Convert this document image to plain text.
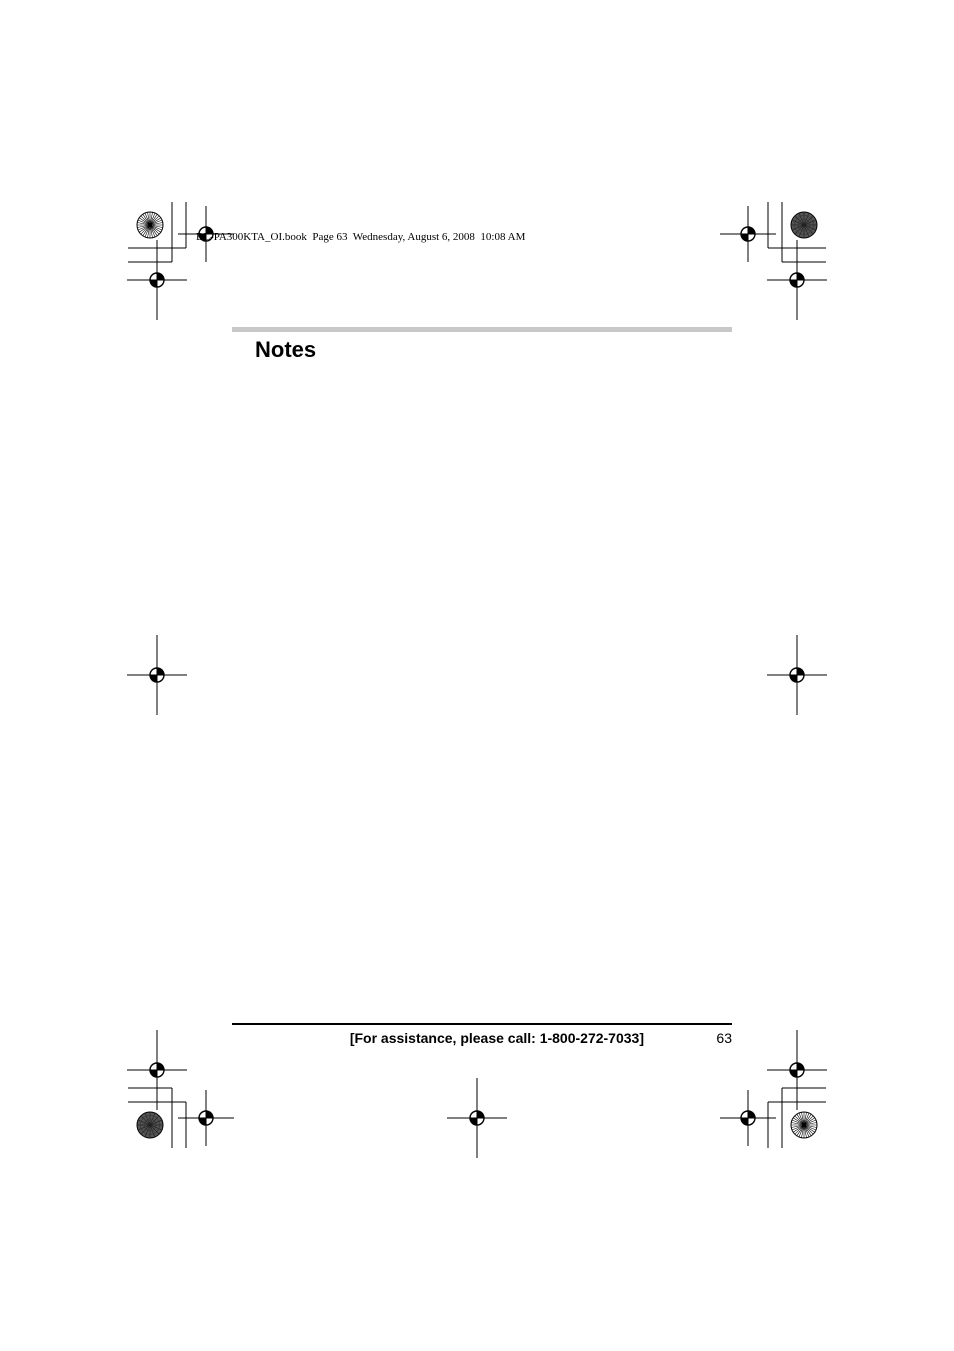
BL-PA300KTA_OI.book  Page 63  Wednesday, August 6, 2008  10:08 AM
Notes
[For assistance, please call: 1-800-272-7033]	63
